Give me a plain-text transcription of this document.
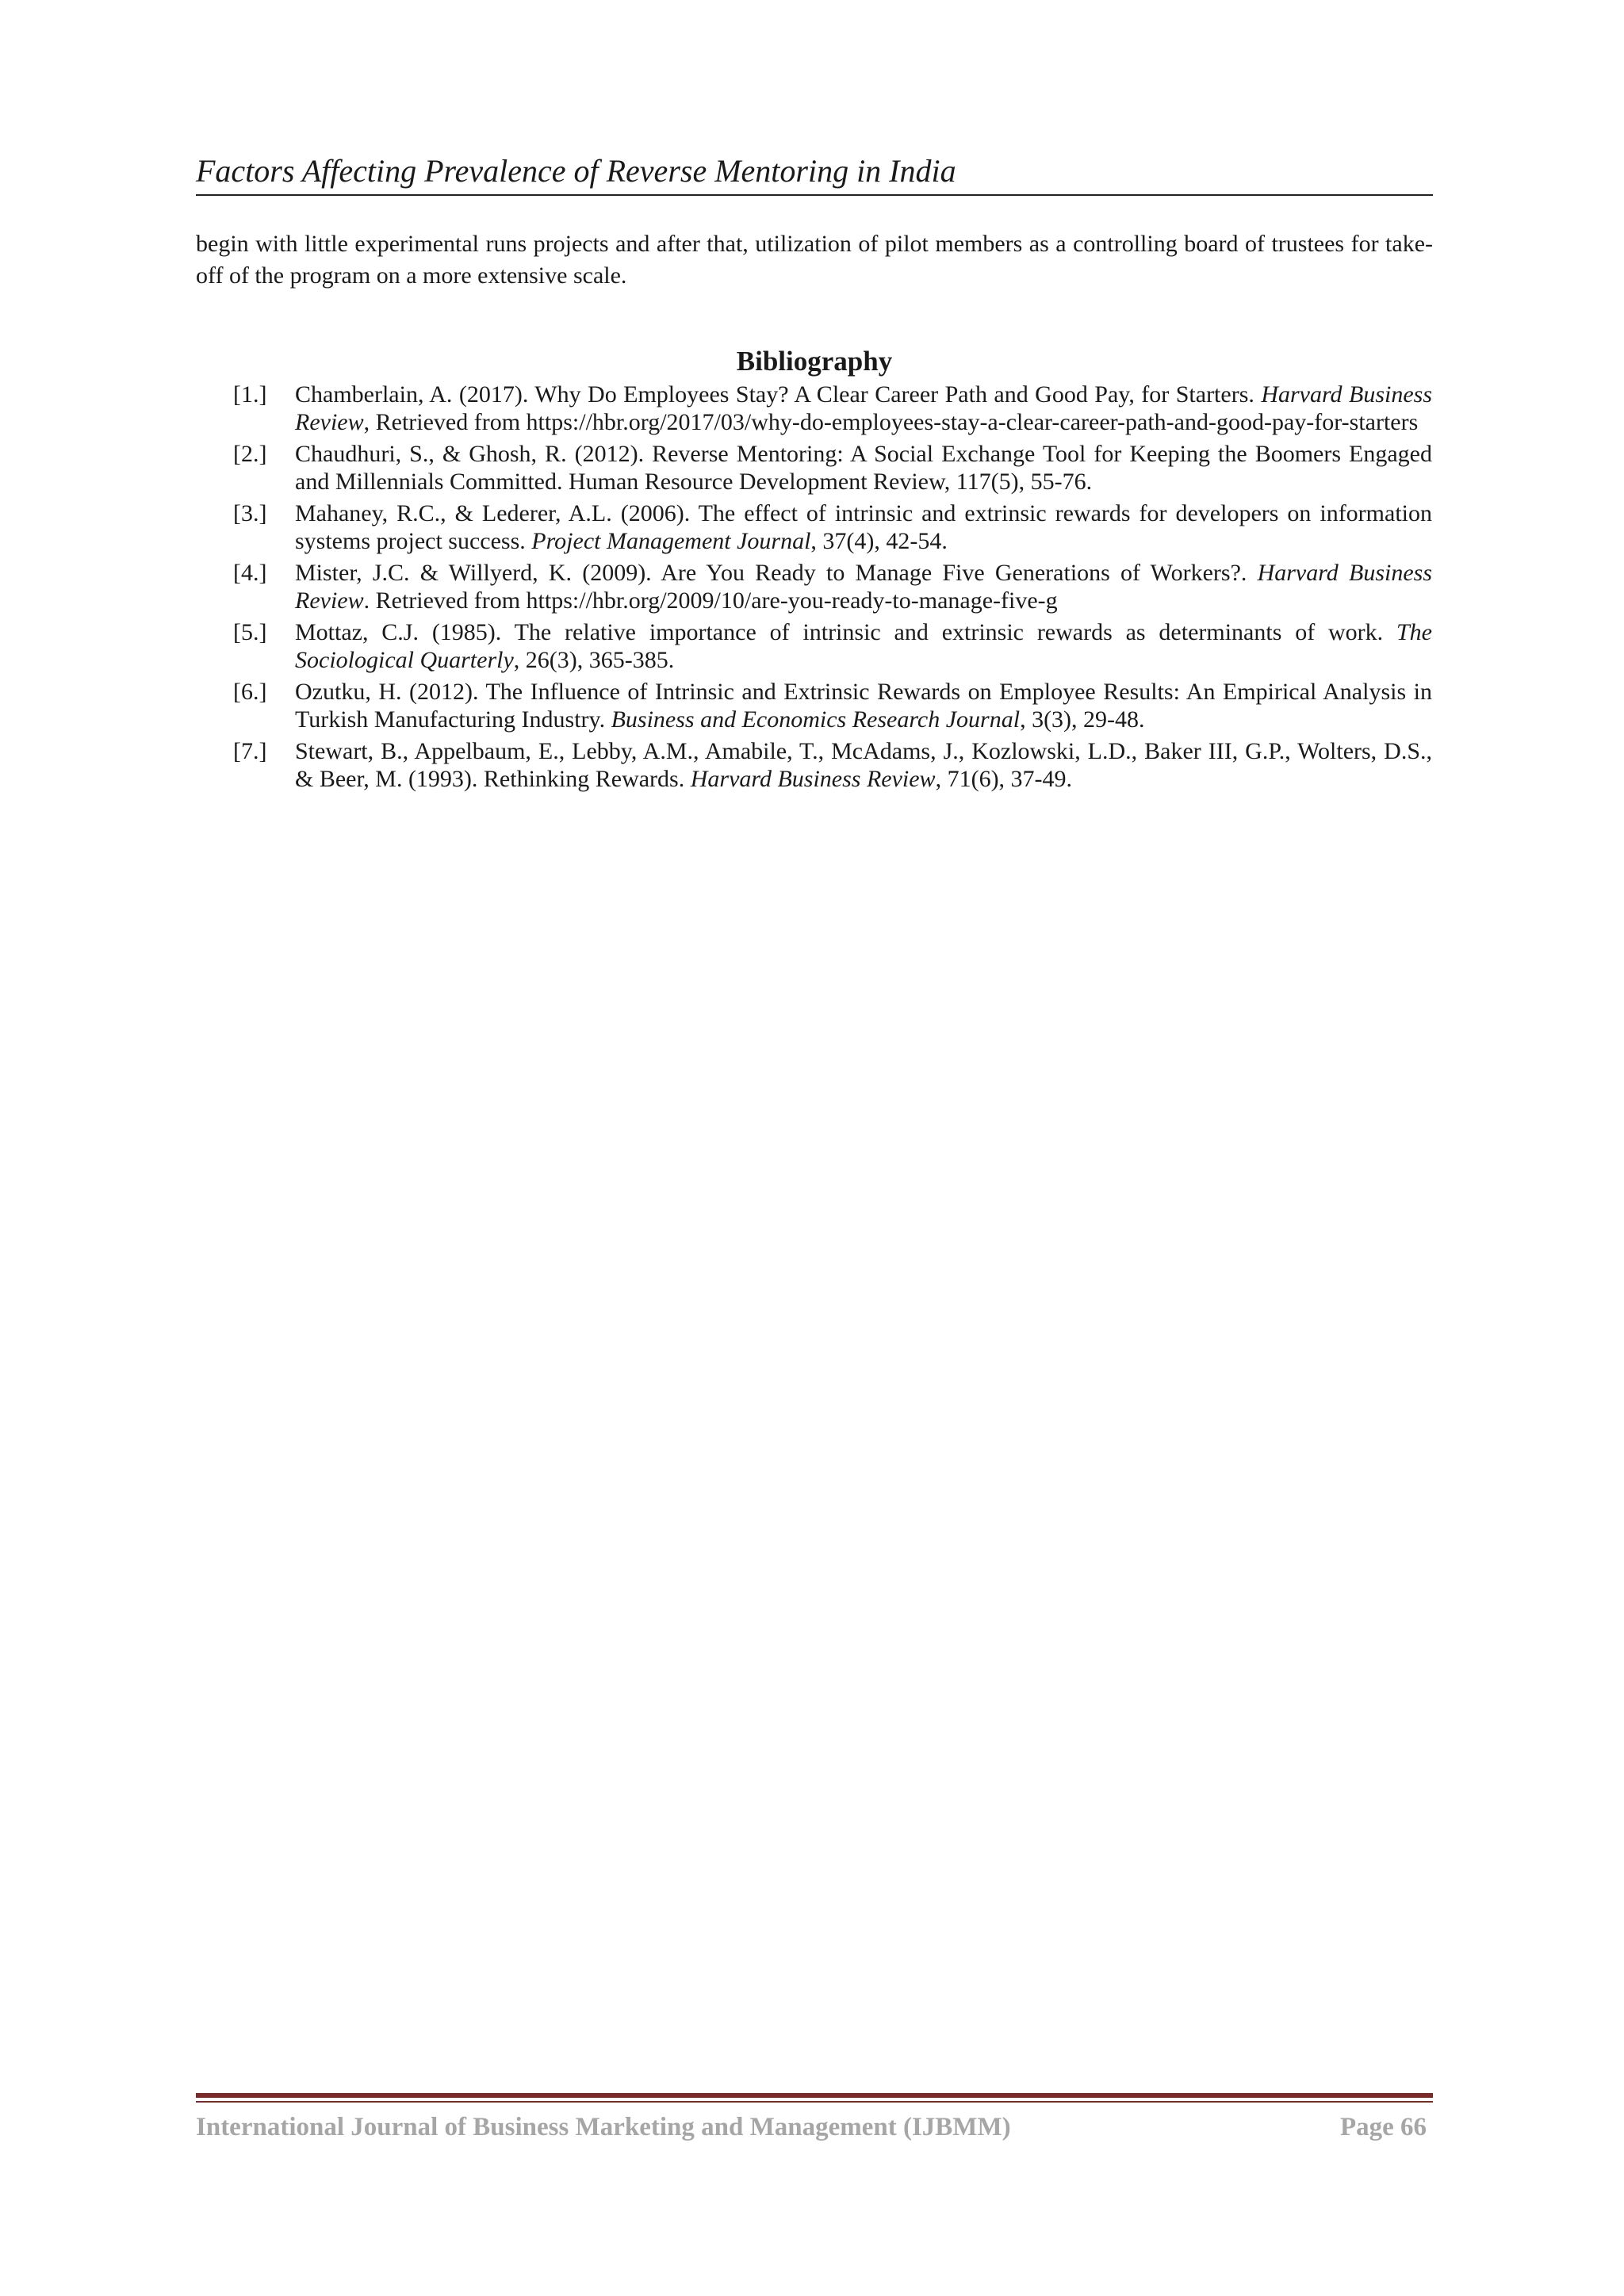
Factors Affecting Prevalence of Reverse Mentoring in India

begin with little experimental runs projects and after that, utilization of pilot members as a controlling board of trustees for take-off of the program on a more extensive scale.

Bibliography
[1.] Chamberlain, A. (2017). Why Do Employees Stay? A Clear Career Path and Good Pay, for Starters. Harvard Business Review, Retrieved from https://hbr.org/2017/03/why-do-employees-stay-a-clear-career-path-and-good-pay-for-starters
[2.] Chaudhuri, S., & Ghosh, R. (2012). Reverse Mentoring: A Social Exchange Tool for Keeping the Boomers Engaged and Millennials Committed. Human Resource Development Review, 117(5), 55-76.
[3.] Mahaney, R.C., & Lederer, A.L. (2006). The effect of intrinsic and extrinsic rewards for developers on information systems project success. Project Management Journal, 37(4), 42-54.
[4.] Mister, J.C. & Willyerd, K. (2009). Are You Ready to Manage Five Generations of Workers?. Harvard Business Review. Retrieved from https://hbr.org/2009/10/are-you-ready-to-manage-five-g
[5.] Mottaz, C.J. (1985). The relative importance of intrinsic and extrinsic rewards as determinants of work. The Sociological Quarterly, 26(3), 365-385.
[6.] Ozutku, H. (2012). The Influence of Intrinsic and Extrinsic Rewards on Employee Results: An Empirical Analysis in Turkish Manufacturing Industry. Business and Economics Research Journal, 3(3), 29-48.
[7.] Stewart, B., Appelbaum, E., Lebby, A.M., Amabile, T., McAdams, J., Kozlowski, L.D., Baker III, G.P., Wolters, D.S., & Beer, M. (1993). Rethinking Rewards. Harvard Business Review, 71(6), 37-49.
International Journal of Business Marketing and Management (IJBMM)	Page 66
